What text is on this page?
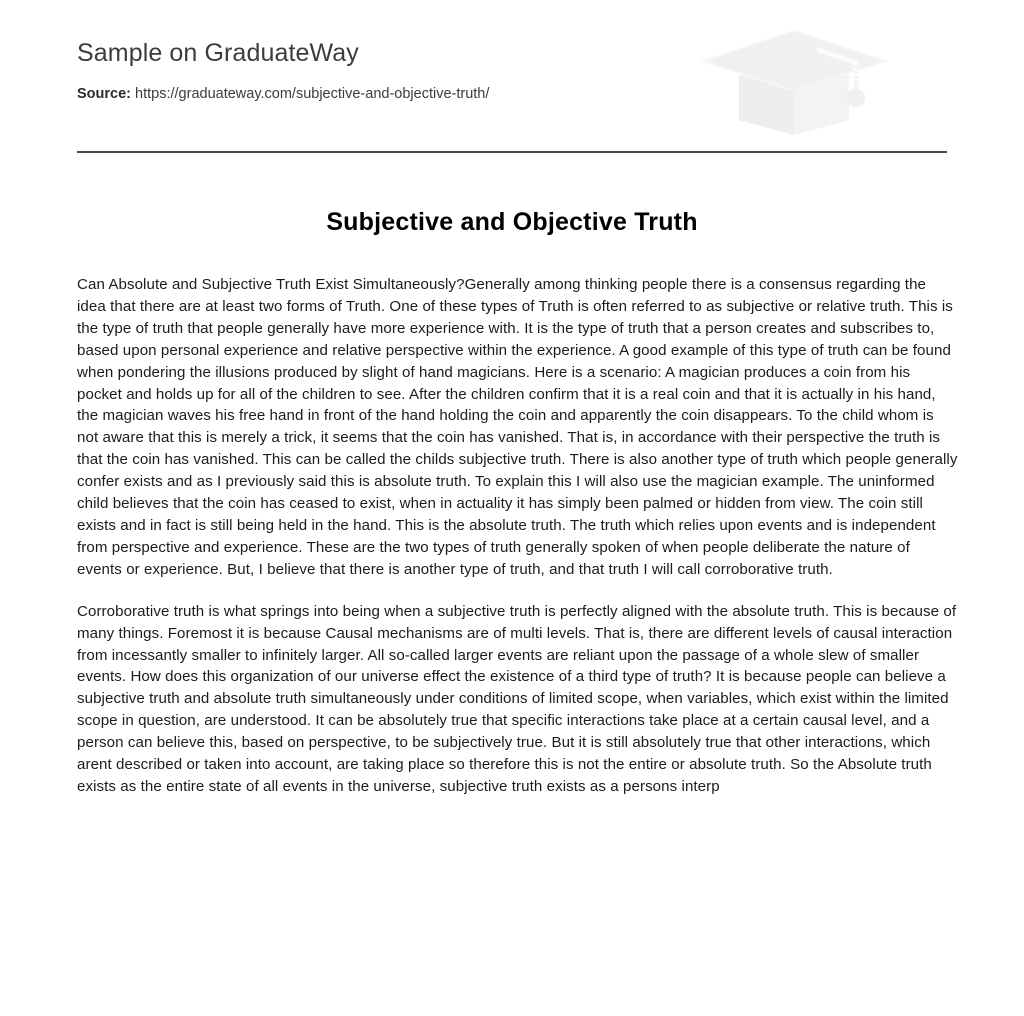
Sample on GraduateWay
Source: https://graduateway.com/subjective-and-objective-truth/
Subjective and Objective Truth

Can Absolute and Subjective Truth Exist Simultaneously?Generally among thinking people there is a consensus regarding the idea that there are at least two forms of Truth. One of these types of Truth is often referred to as subjective or relative truth. This is the type of truth that people generally have more experience with. It is the type of truth that a person creates and subscribes to, based upon personal experience and relative perspective within the experience. A good example of this type of truth can be found when pondering the illusions produced by slight of hand magicians. Here is a scenario: A magician produces a coin from his pocket and holds up for all of the children to see. After the children confirm that it is a real coin and that it is actually in his hand, the magician waves his free hand in front of the hand holding the coin and apparently the coin disappears. To the child whom is not aware that this is merely a trick, it seems that the coin has vanished. That is, in accordance with their perspective the truth is that the coin has vanished. This can be called the childs subjective truth. There is also another type of truth which people generally confer exists and as I previously said this is absolute truth. To explain this I will also use the magician example. The uninformed child believes that the coin has ceased to exist, when in actuality it has simply been palmed or hidden from view. The coin still exists and in fact is still being held in the hand. This is the absolute truth. The truth which relies upon events and is independent from perspective and experience. These are the two types of truth generally spoken of when people deliberate the nature of events or experience. But, I believe that there is another type of truth, and that truth I will call corroborative truth.

Corroborative truth is what springs into being when a subjective truth is perfectly aligned with the absolute truth. This is because of many things. Foremost it is because Causal mechanisms are of multi levels. That is, there are different levels of causal interaction from incessantly smaller to infinitely larger. All so-called larger events are reliant upon the passage of a whole slew of smaller events. How does this organization of our universe effect the existence of a third type of truth? It is because people can believe a subjective truth and absolute truth simultaneously under conditions of limited scope, when variables, which exist within the limited scope in question, are understood. It can be absolutely true that specific interactions take place at a certain causal level, and a person can believe this, based on perspective, to be subjectively true. But it is still absolutely true that other interactions, which arent described or taken into account, are taking place so therefore this is not the entire or absolute truth. So the Absolute truth exists as the entire state of all events in the universe, subjective truth exists as a persons interp
